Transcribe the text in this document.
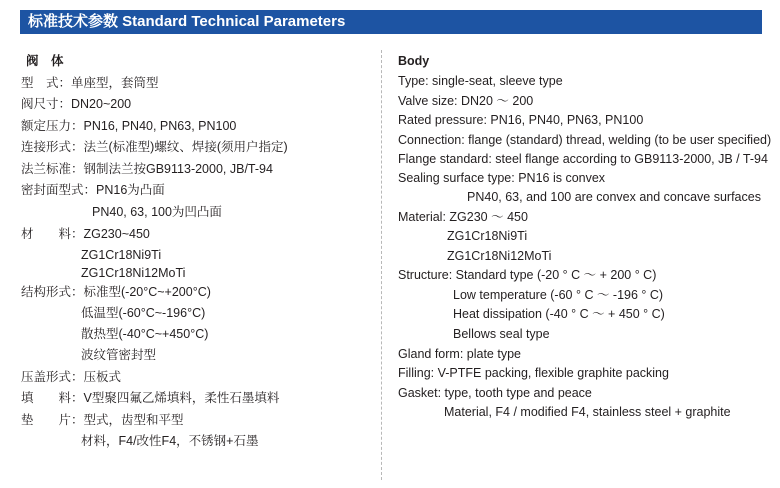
标准技术参数 Standard Technical Parameters
阀　体
型　式：单座型，套筒型
阀尺寸：DN20~200
额定压力：PN16, PN40, PN63, PN100
连接形式：法兰(标准型)螺纹、焊接(须用户指定)
法兰标准：钢制法兰按GB9113-2000, JB/T-94
密封面型式：PN16为凸面
PN40, 63, 100为凹凸面
材　　料：ZG230~450
ZG1Cr18Ni9Ti
ZG1Cr18Ni12MoTi
结构形式：标准型(-20°C~+200°C)
低温型(-60°C~-196°C)
散热型(-40°C~+450°C)
波纹管密封型
压盖形式：压板式
填　　料：V型聚四氟乙烯填料，柔性石墨填料
垫　　片：型式，齿型和平型
材料，F4/改性F4，不锈钢+石墨
Body
Type: single-seat, sleeve type
Valve size: DN20 ～ 200
Rated pressure: PN16, PN40, PN63, PN100
Connection: flange (standard) thread, welding (to be user specified)
Flange standard: steel flange according to GB9113-2000, JB / T-94
Sealing surface type: PN16 is convex
PN40, 63, and 100 are convex and concave surfaces
Material: ZG230 ～ 450
ZG1Cr18Ni9Ti
ZG1Cr18Ni12MoTi
Structure: Standard type (-20 ° C ～ + 200 ° C)
Low temperature (-60 ° C ～ -196 ° C)
Heat dissipation (-40 ° C ～ + 450 ° C)
Bellows seal type
Gland form: plate type
Filling: V-PTFE packing, flexible graphite packing
Gasket: type, tooth type and peace
Material, F4 / modified F4, stainless steel + graphite
